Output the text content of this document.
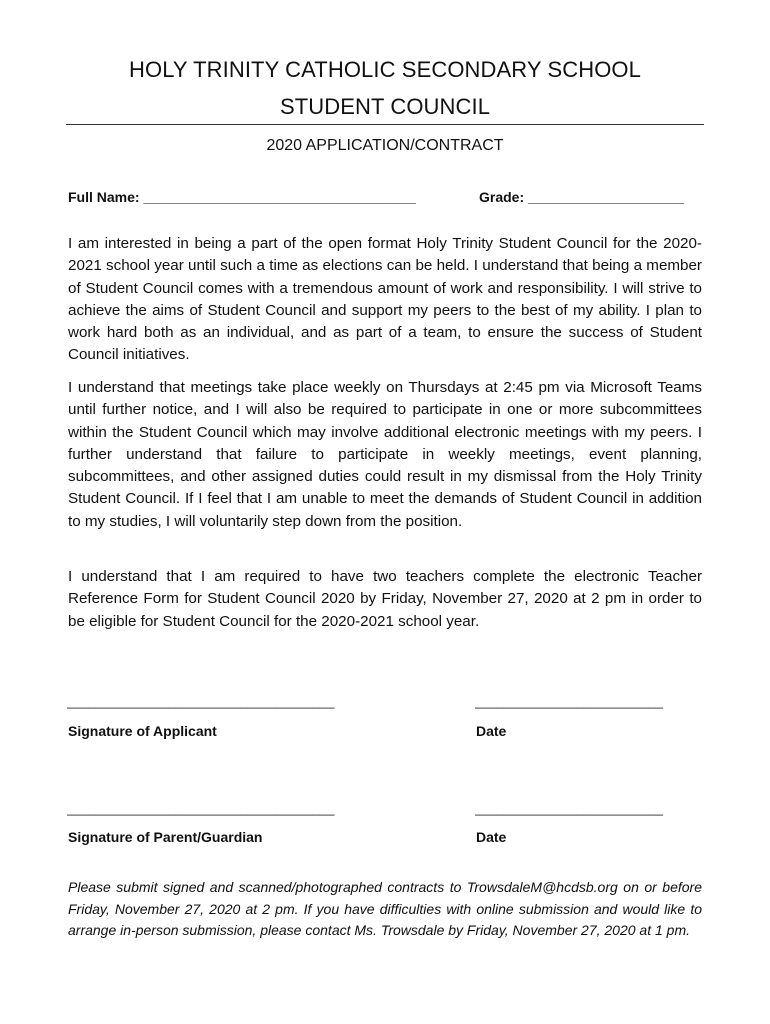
HOLY TRINITY CATHOLIC SECONDARY SCHOOL
STUDENT COUNCIL
2020 APPLICATION/CONTRACT
Full Name: ___________________________________	Grade: ____________________

I am interested in being a part of the open format Holy Trinity Student Council for the 2020-2021 school year until such a time as elections can be held. I understand that being a member of Student Council comes with a tremendous amount of work and responsibility. I will strive to achieve the aims of Student Council and support my peers to the best of my ability. I plan to work hard both as an individual, and as part of a team, to ensure the success of Student Council initiatives.

I understand that meetings take place weekly on Thursdays at 2:45 pm via Microsoft Teams until further notice, and I will also be required to participate in one or more subcommittees within the Student Council which may involve additional electronic meetings with my peers. I further understand that failure to participate in weekly meetings, event planning, subcommittees, and other assigned duties could result in my dismissal from the Holy Trinity Student Council. If I feel that I am unable to meet the demands of Student Council in addition to my studies, I will voluntarily step down from the position.

I understand that I am required to have two teachers complete the electronic Teacher Reference Form for Student Council 2020 by Friday, November 27, 2020 at 2 pm in order to be eligible for Student Council for the 2020-2021 school year.

_____________________________________	__________________________
Signature of Applicant	Date
_____________________________________	__________________________
Signature of Parent/Guardian	Date

Please submit signed and scanned/photographed contracts to TrowsdaleM@hcdsb.org on or before Friday, November 27, 2020 at 2 pm. If you have difficulties with online submission and would like to arrange in-person submission, please contact Ms. Trowsdale by Friday, November 27, 2020 at 1 pm.
